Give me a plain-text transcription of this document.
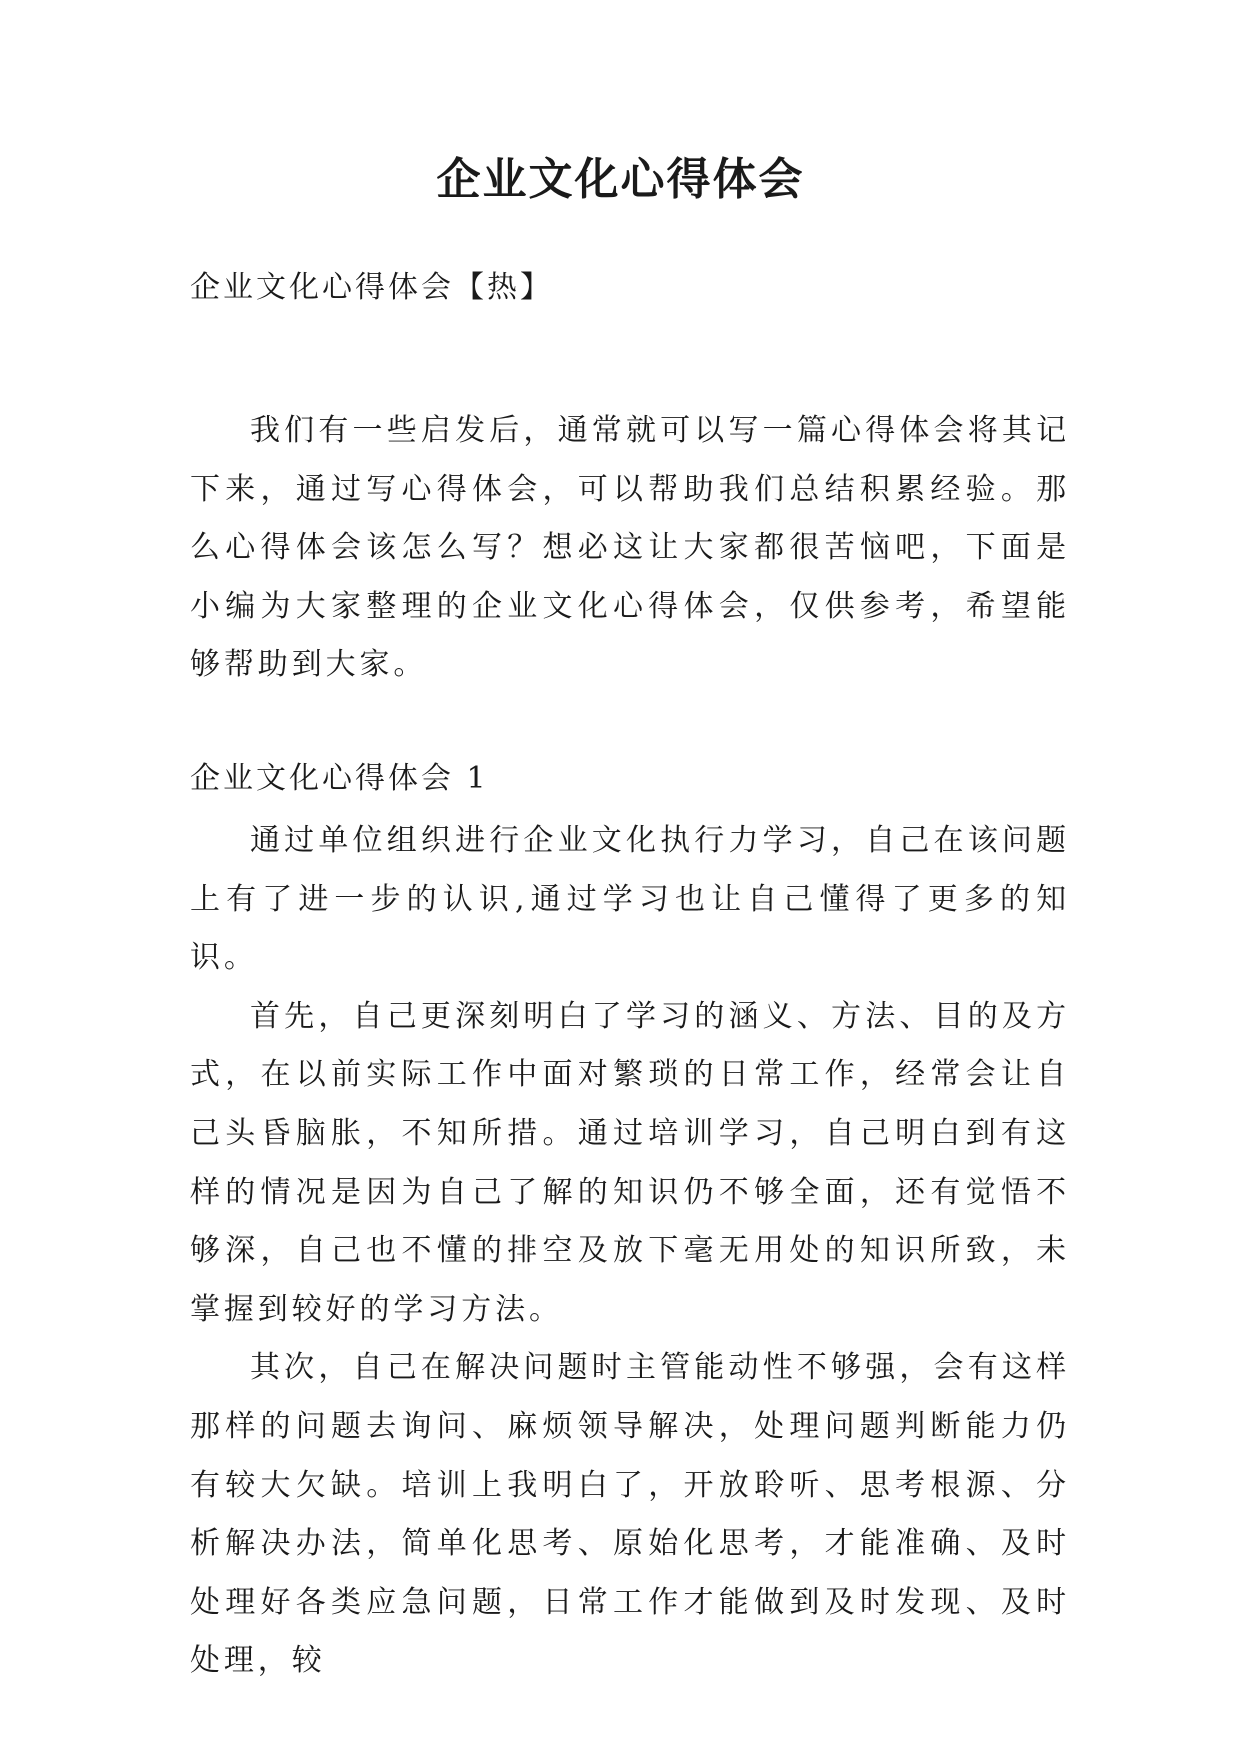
企业文化心得体会
企业文化心得体会【热】

我们有一些启发后，通常就可以写一篇心得体会将其记下来，通过写心得体会，可以帮助我们总结积累经验。那么心得体会该怎么写？想必这让大家都很苦恼吧，下面是小编为大家整理的企业文化心得体会，仅供参考，希望能够帮助到大家。

企业文化心得体会 1

通过单位组织进行企业文化执行力学习，自己在该问题上有了进一步的认识,通过学习也让自己懂得了更多的知识。

首先，自己更深刻明白了学习的涵义、方法、目的及方式，在以前实际工作中面对繁琐的日常工作，经常会让自己头昏脑胀，不知所措。通过培训学习，自己明白到有这样的情况是因为自己了解的知识仍不够全面，还有觉悟不够深，自己也不懂的排空及放下毫无用处的知识所致，未掌握到较好的学习方法。

其次，自己在解决问题时主管能动性不够强，会有这样那样的问题去询问、麻烦领导解决，处理问题判断能力仍有较大欠缺。培训上我明白了，开放聆听、思考根源、分析解决办法，简单化思考、原始化思考，才能准确、及时处理好各类应急问题，日常工作才能做到及时发现、及时处理，较
